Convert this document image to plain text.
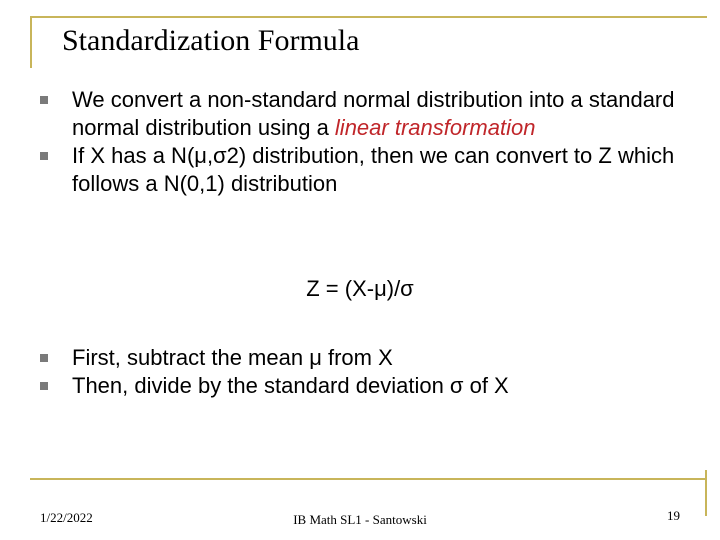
Standardization Formula
We convert a non-standard normal distribution into a standard normal distribution using a linear transformation
If X has a N(μ,σ2) distribution, then we can convert to Z which follows a N(0,1) distribution
Z = (X-μ)/σ
First, subtract the mean μ from X
Then, divide by the standard deviation σ of X
1/22/2022	IB Math SL1 - Santowski	19
